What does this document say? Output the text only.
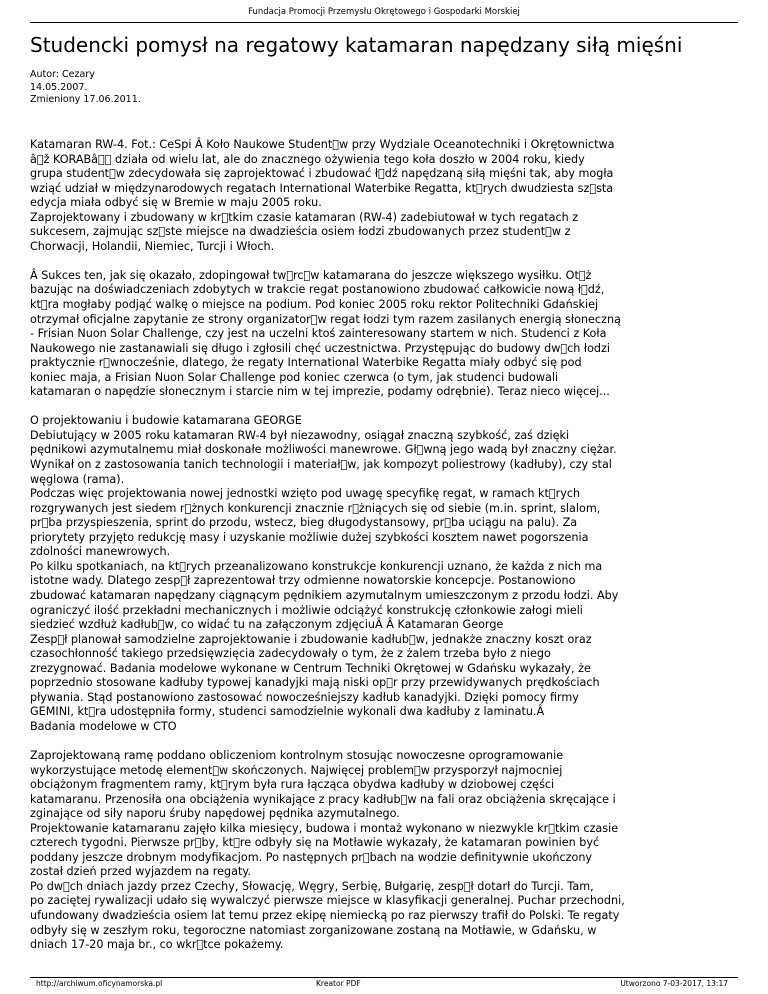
Fundacja Promocji Przemysłu Okrętowego i Gospodarki Morskiej
Studencki pomysł na regatowy katamaran napędzany siłą mięśni
Autor: Cezary
14.05.2007.
Zmieniony 17.06.2011.

Katamaran RW-4. Fot.: CeSpi Â Koło Naukowe Student w przy Wydziale Oceanotechniki i Okrętownictwa
â ž KORABâ   działa od wielu lat, ale do znacznego ożywienia tego koła doszło w 2004 roku, kiedy
grupa student w zdecydowała się zaprojektować i zbudować ł dź napędzaną siłą mięśni tak, aby mogła
wziąć udział w międzynarodowych regatach International Waterbike Regatta, kt rych dwudziesta sz sta
edycja miała odbyć się w Bremie w maju 2005 roku.
Zaprojektowany i zbudowany w kr tkim czasie katamaran (RW-4) zadebiutował w tych regatach z
sukcesem, zajmując sz ste miejsce na dwadzieścia osiem łodzi zbudowanych przez student w z
Chorwacji, Holandii, Niemiec, Turcji i Włoch.

Â Sukces ten, jak się okazało, zdopingował tw rc w katamarana do jeszcze większego wysiłku. Ot ż
bazując na doświadczeniach zdobytych w trakcie regat postanowiono zbudować całkowicie nową ł dź,
kt ra mogłaby podjąć walkę o miejsce na podium. Pod koniec 2005 roku rektor Politechniki Gdańskiej
otrzymał oficjalne zapytanie ze strony organizator w regat łodzi tym razem zasilanych energią słoneczną
- Frisian Nuon Solar Challenge, czy jest na uczelni ktoś zainteresowany startem w nich. Studenci z Koła
Naukowego nie zastanawiali się długo i zgłosili chęć uczestnictwa. Przystępując do budowy dw ch łodzi
praktycznie r wnocześnie, dlatego, że regaty International Waterbike Regatta miały odbyć się pod
koniec maja, a Frisian Nuon Solar Challenge pod koniec czerwca (o tym, jak studenci budowali
katamaran o napędzie słonecznym i starcie nim w tej imprezie, podamy odrębnie). Teraz nieco więcej...

O projektowaniu i budowie katamarana GEORGE
Debiutujący w 2005 roku katamaran RW-4 był niezawodny, osiągał znaczną szybkość, zaś dzięki
pędnikowi azymutalnemu miał doskonałe możliwości manewrowe. Gł wną jego wadą był znaczny ciężar.
Wynikał on z zastosowania tanich technologii i materiał w, jak kompozyt poliestrowy (kadłuby), czy stal
węglowa (rama).
Podczas więc projektowania nowej jednostki wzięto pod uwagę specyfikę regat, w ramach kt rych
rozgrywanych jest siedem r żnych konkurencji znacznie r żniących się od siebie (m.in. sprint, slalom,
pr ba przyspieszenia, sprint do przodu, wstecz, bieg długodystansowy, pr ba uciągu na palu). Za
priorytety przyjęto redukcję masy i uzyskanie możliwie dużej szybkości kosztem nawet pogorszenia
zdolności manewrowych.
Po kilku spotkaniach, na kt rych przeanalizowano konstrukcje konkurencji uznano, że każda z nich ma
istotne wady. Dlatego zesp ł zaprezentował trzy odmienne nowatorskie koncepcje. Postanowiono
zbudować katamaran napędzany ciągnącym pędnikiem azymutalnym umieszczonym z przodu łodzi. Aby
ograniczyć ilość przekładni mechanicznych i możliwie odciążyć konstrukcję członkowie załogi mieli
siedzieć wzdłuż kadłub w, co widać tu na załączonym zdjęciuÂ Â Katamaran George
Zesp ł planował samodzielne zaprojektowanie i zbudowanie kadłub w, jednakże znaczny koszt oraz
czasochłonność takiego przedsięwzięcia zadecydowały o tym, że z żalem trzeba było z niego
zrezygnować. Badania modelowe wykonane w Centrum Techniki Okrętowej w Gdańsku wykazały, że
poprzednio stosowane kadłuby typowej kanadyjki mają niski op r przy przewidywanych prędkościach
pływania. Stąd postanowiono zastosować nowocześniejszy kadłub kanadyjki. Dzięki pomocy firmy
GEMINI, kt ra udostępniła formy, studenci samodzielnie wykonali dwa kadłuby z laminatu.Â
Badania modelowe w CTO

Zaprojektowaną ramę poddano obliczeniom kontrolnym stosując nowoczesne oprogramowanie
wykorzystujące metodę element w skończonych. Najwięcej problem w przysporzył najmocniej
obciążonym fragmentem ramy, kt rym była rura łącząca obydwa kadłuby w dziobowej części
katamaranu. Przenosiła ona obciążenia wynikające z pracy kadłub w na fali oraz obciążenia skręcające i
zginające od siły naporu śruby napędowej pędnika azymutalnego.
Projektowanie katamaranu zajęło kilka miesięcy, budowa i montaż wykonano w niezwykle kr tkim czasie
czterech tygodni. Pierwsze pr by, kt re odbyły się na Motławie wykazały, że katamaran powinien być
poddany jeszcze drobnym modyfikacjom. Po następnych pr bach na wodzie definitywnie ukończony
został dzień przed wyjazdem na regaty.
Po dw ch dniach jazdy przez Czechy, Słowację, Węgry, Serbię, Bułgarię, zesp ł dotarł do Turcji. Tam,
po zaciętej rywalizacji udało się wywalczyć pierwsze miejsce w klasyfikacji generalnej. Puchar przechodni,
ufundowany dwadzieścia osiem lat temu przez ekipę niemiecką po raz pierwszy trafił do Polski. Te regaty
odbyły się w zeszłym roku, tegoroczne natomiast zorganizowane zostaną na Motławie, w Gdańsku, w
dniach 17-20 maja br., co wkr tce pokażemy.

http://archiwum.oficynamorska.pl	Kreator PDF	Utworzono 7-03-2017, 13:17
